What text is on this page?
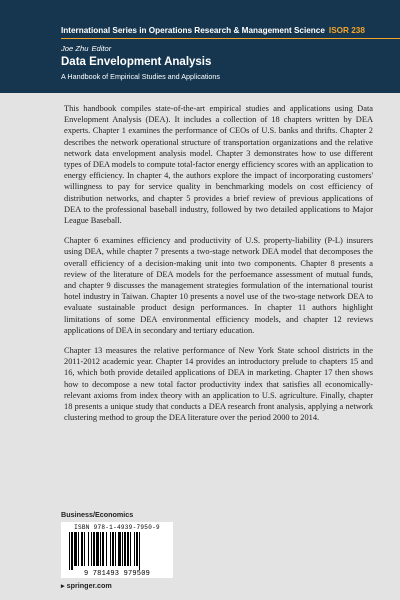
International Series in Operations Research & Management Science ISOR 238
Joe Zhu Editor
Data Envelopment Analysis
A Handbook of Empirical Studies and Applications

This handbook compiles state-of-the-art empirical studies and applications using Data Envelopment Analysis (DEA). It includes a collection of 18 chapters written by DEA experts. Chapter 1 examines the performance of CEOs of U.S. banks and thrifts. Chapter 2 describes the network operational structure of transportation organizations and the relative network data envelopment analysis model. Chapter 3 demonstrates how to use different types of DEA models to compute total-factor energy efficiency scores with an application to energy efficiency. In chapter 4, the authors explore the impact of incorporating customers' willingness to pay for service quality in benchmarking models on cost efficiency of distribution networks, and chapter 5 provides a brief review of previous applications of DEA to the professional baseball industry, followed by two detailed applications to Major League Baseball.

Chapter 6 examines efficiency and productivity of U.S. property-liability (P-L) insurers using DEA, while chapter 7 presents a two-stage network DEA model that decomposes the overall efficiency of a decision-making unit into two components. Chapter 8 presents a review of the literature of DEA models for the perfoemance assessment of mutual funds, and chapter 9 discusses the management strategies formulation of the international tourist hotel industry in Taiwan. Chapter 10 presents a novel use of the two-stage network DEA to evaluate sustainable product design performances. In chapter 11 authors highlight limitations of some DEA environmental efficiency models, and chapter 12 reviews applications of DEA in secondary and tertiary education.

Chapter 13 measures the relative performance of New York State school districts in the 2011-2012 academic year. Chapter 14 provides an introductory prelude to chapters 15 and 16, which both provide detailed applications of DEA in marketing. Chapter 17 then shows how to decompose a new total factor productivity index that satisfies all economically-relevant axioms from index theory with an application to U.S. agriculture. Finally, chapter 18 presents a unique study that conducts a DEA research front analysis, applying a network clustering method to group the DEA literature over the period 2000 to 2014.

Business/Economics
ISBN 978-1-4939-7950-9
9 781493 979509
▸ springer.com
